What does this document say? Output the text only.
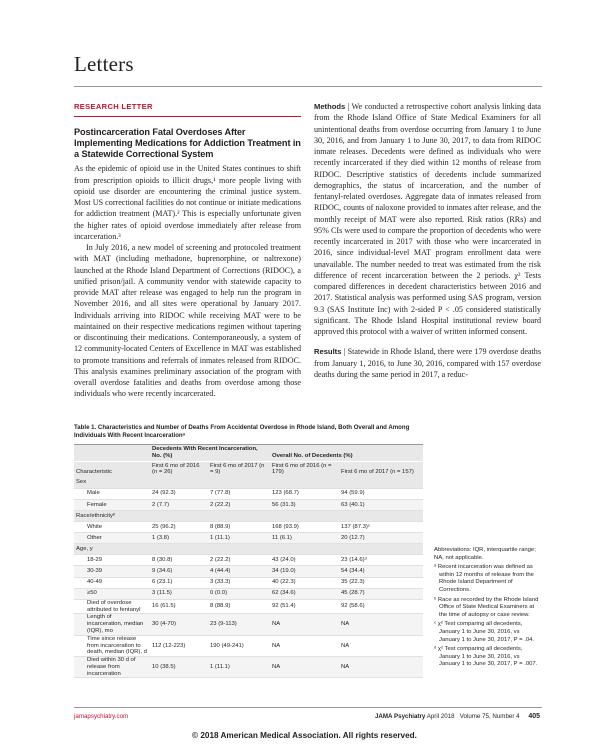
Letters
RESEARCH LETTER
Postincarceration Fatal Overdoses After Implementing Medications for Addiction Treatment in a Statewide Correctional System

As the epidemic of opioid use in the United States continues to shift from prescription opioids to illicit drugs,¹ more people living with opioid use disorder are encountering the criminal justice system. Most US correctional facilities do not continue or initiate medications for addiction treatment (MAT).² This is especially unfortunate given the higher rates of opioid overdose immediately after release from incarceration.³

In July 2016, a new model of screening and protocoled treatment with MAT (including methadone, buprenorphine, or naltrexone) launched at the Rhode Island Department of Corrections (RIDOC), a unified prison/jail. A community vendor with statewide capacity to provide MAT after release was engaged to help run the program in November 2016, and all sites were operational by January 2017. Individuals arriving into RIDOC while receiving MAT were to be maintained on their respective medications regimen without tapering or discontinuing their medications. Contemporaneously, a system of 12 community-located Centers of Excellence in MAT was established to promote transitions and referrals of inmates released from RIDOC. This analysis examines preliminary association of the program with overall overdose fatalities and deaths from overdose among those individuals who were recently incarcerated.

Methods | We conducted a retrospective cohort analysis linking data from the Rhode Island Office of State Medical Examiners for all unintentional deaths from overdose occurring from January 1 to June 30, 2016, and from January 1 to June 30, 2017, to data from RIDOC inmate releases. Decedents were defined as individuals who were recently incarcerated if they died within 12 months of release from RIDOC. Descriptive statistics of decedents include summarized demographics, the status of incarceration, and the number of fentanyl-related overdoses. Aggregate data of inmates released from RIDOC, counts of naloxone provided to inmates after release, and the monthly receipt of MAT were also reported. Risk ratios (RRs) and 95% CIs were used to compare the proportion of decedents who were recently incarcerated in 2017 with those who were incarcerated in 2016, since individual-level MAT program enrollment data were unavailable. The number needed to treat was estimated from the risk difference of recent incarceration between the 2 periods. χ² Tests compared differences in decedent characteristics between 2016 and 2017. Statistical analysis was performed using SAS program, version 9.3 (SAS Institute Inc) with 2-sided P < .05 considered statistically significant. The Rhode Island Hospital institutional review board approved this protocol with a waiver of written informed consent.

Results | Statewide in Rhode Island, there were 179 overdose deaths from January 1, 2016, to June 30, 2016, compared with 157 overdose deaths during the same period in 2017, a reduc-

Table 1. Characteristics and Number of Deaths From Accidental Overdose in Rhode Island, Both Overall and Among Individuals With Recent Incarcerationᵃ
	Decedents With Recent Incarceration, No. (%)		Overall No. of Decedents (%)	
Characteristic	First 6 mo of 2016 (n = 26)	First 6 mo of 2017 (n = 9)	First 6 mo of 2016 (n = 179)	First 6 mo of 2017 (n = 157)
Sex				
Male	24 (92.3)	7 (77.8)	123 (68.7)	94 (59.9)
Female	2 (7.7)	2 (22.2)	56 (31.3)	63 (40.1)
Race/ethnicityᵇ				
White	25 (96.2)	8 (88.9)	168 (93.9)	137 (87.3)ᶜ
Other	1 (3.8)	1 (11.1)	11 (6.1)	20 (12.7)
Age, y				
18-29	8 (30.8)	2 (22.2)	43 (24.0)	23 (14.6)ᵈ
30-39	9 (34.6)	4 (44.4)	34 (19.0)	54 (34.4)
40-49	6 (23.1)	3 (33.3)	40 (22.3)	35 (22.3)
≥50	3 (11.5)	0 (0.0)	62 (34.6)	45 (28.7)
Died of overdose attributed to fentanyl	16 (61.5)	8 (88.9)	92 (51.4)	92 (58.6)
Length of incarceration, median (IQR), mo	30 (4-70)	23 (9-113)	NA	NA
Time since release from incarceration to death, median (IQR), d	112 (12-223)	190 (49-241)	NA	NA
Died within 30 d of release from incarceration	10 (38.5)	1 (11.1)	NA	NA

Abbreviations: IQR, interquartile range; NA, not applicable.

ᵃ Recent incarceration was defined as within 12 months of release from the Rhode Island Department of Corrections.

ᵇ Race as recorded by the Rhode Island Office of State Medical Examiners at the time of autopsy or case review.

ᶜ χ² Test comparing all decedents, January 1 to June 30, 2016, vs January 1 to June 30, 2017, P = .04.

ᵈ χ² Test comparing all decedents, January 1 to June 30, 2016, vs January 1 to June 30, 2017, P = .007.

jamapsychiatry.com	JAMA Psychiatry April 2018   Volume 75, Number 4 405
© 2018 American Medical Association. All rights reserved.
